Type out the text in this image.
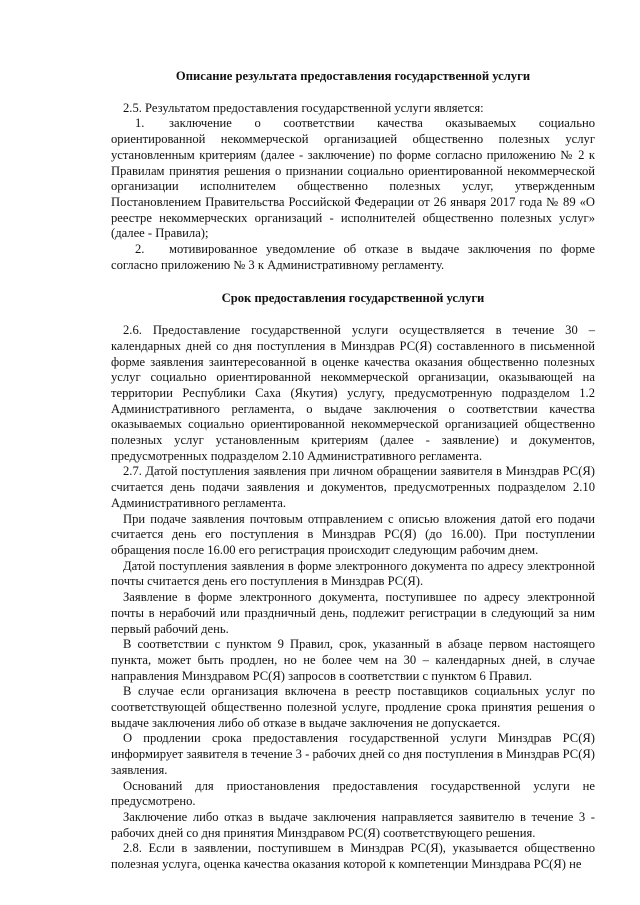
Описание результата предоставления государственной услуги

2.5. Результатом предоставления государственной услуги является:

1. заключение о соответствии качества оказываемых социально ориентированной некоммерческой организацией общественно полезных услуг установленным критериям (далее - заключение) по форме согласно приложению № 2 к Правилам принятия решения о признании социально ориентированной некоммерческой организации исполнителем общественно полезных услуг, утвержденным Постановлением Правительства Российской Федерации от 26 января 2017 года № 89 «О реестре некоммерческих организаций - исполнителей общественно полезных услуг» (далее - Правила);

2. мотивированное уведомление об отказе в выдаче заключения по форме согласно приложению № 3 к Административному регламенту.

Срок предоставления государственной услуги

2.6. Предоставление государственной услуги осуществляется в течение 30 – календарных дней со дня поступления в Минздрав РС(Я) составленного в письменной форме заявления заинтересованной в оценке качества оказания общественно полезных услуг социально ориентированной некоммерческой организации, оказывающей на территории Республики Саха (Якутия) услугу, предусмотренную подразделом 1.2 Административного регламента, о выдаче заключения о соответствии качества оказываемых социально ориентированной некоммерческой организацией общественно полезных услуг установленным критериям (далее - заявление) и документов, предусмотренных подразделом 2.10 Административного регламента.

2.7. Датой поступления заявления при личном обращении заявителя в Минздрав РС(Я) считается день подачи заявления и документов, предусмотренных подразделом 2.10 Административного регламента.

При подаче заявления почтовым отправлением с описью вложения датой его подачи считается день его поступления в Минздрав РС(Я) (до 16.00). При поступлении обращения после 16.00 его регистрация происходит следующим рабочим днем.

Датой поступления заявления в форме электронного документа по адресу электронной почты считается день его поступления в Минздрав РС(Я).

Заявление в форме электронного документа, поступившее по адресу электронной почты в нерабочий или праздничный день, подлежит регистрации в следующий за ним первый рабочий день.

В соответствии с пунктом 9 Правил, срок, указанный в абзаце первом настоящего пункта, может быть продлен, но не более чем на 30 – календарных дней, в случае направления Минздравом РС(Я) запросов в соответствии с пунктом 6 Правил.

В случае если организация включена в реестр поставщиков социальных услуг по соответствующей общественно полезной услуге, продление срока принятия решения о выдаче заключения либо об отказе в выдаче заключения не допускается.

О продлении срока предоставления государственной услуги Минздрав РС(Я) информирует заявителя в течение 3 - рабочих дней со дня поступления в Минздрав РС(Я) заявления.

Оснований для приостановления предоставления государственной услуги не предусмотрено.

Заключение либо отказ в выдаче заключения направляется заявителю в течение 3 - рабочих дней со дня принятия Минздравом РС(Я) соответствующего решения.

2.8. Если в заявлении, поступившем в Минздрав РС(Я), указывается общественно полезная услуга, оценка качества оказания которой к компетенции Минздрава РС(Я) не
